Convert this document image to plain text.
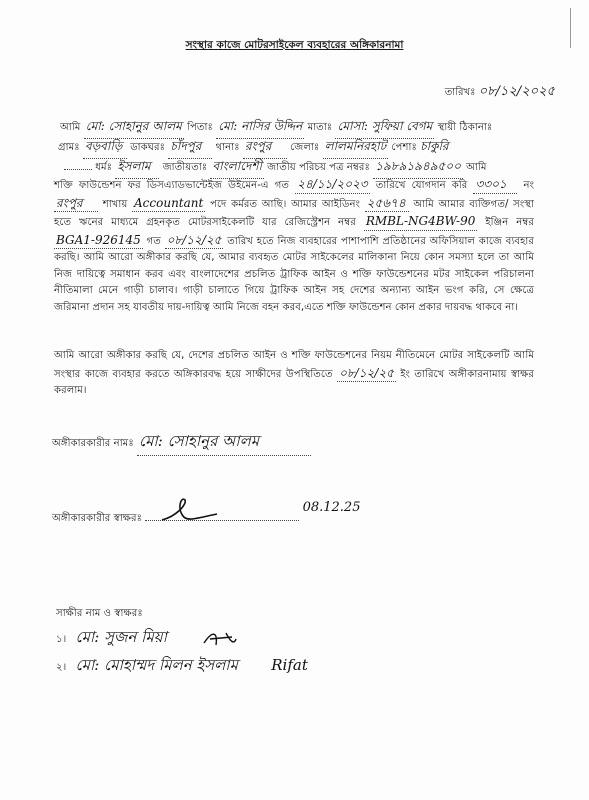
সংস্থার কাজে মোটরসাইকেল ব্যবহারের অঙ্গিকারনামা
তারিখঃ ০৮/১২/২০২৫
আমি মো: সোহানুর আলম পিতাঃ মো: নাসির উদ্দিন মাতাঃ মোসা: সুফিয়া বেগম স্থায়ী ঠিকানাঃ
গ্রামঃ বড়বাড়ি ডাকঘরঃ চাঁদপুর থানাঃ রংপুর জেলাঃ লালমনিরহাট পেশাঃ চাকুরি
ধর্মঃ ইসলাম জাতীয়তাঃ বাংলাদেশী জাতীয় পরিচয় পত্র নম্বরঃ ১৯৮৯১৯৪৯৫০০ আমি
শক্তি ফাউন্ডেশন ফর ডিসএ্যাডভান্টেইজ উইমেন-এ গত ২৪/১১/২০২৩ তারিখে যোগদান করি ৩৩০১ নং রংপুর শাখায় Accountant পদে কর্মরত আছি। আমার আইডিনং ২৫৬৭৪ আমি আমার ব্যক্তিগত/ সংস্থা হতে ঋনের মাধ্যমে গ্রহনকৃত মোটরসাইকেলটি যার রেজিস্ট্রেশন নম্বর RMBL-NG4BW-90 ইঞ্জিন নম্বর BGA1-926145 গত ০৮/১২/২৫ তারিখ হতে নিজ ব্যবহারের পাশাপাশি প্রতিষ্ঠানের অফিসিয়াল কাজে ব্যবহার করছি। আমি আরো অঙ্গীকার করছি যে, আমার ব্যবহৃত মোটর সাইকেলের মালিকানা নিয়ে কোন সমস্যা হলে তা আমি নিজ দায়িত্বে সমাধান করব এবং বাংলাদেশের প্রচলিত ট্রাফিক আইন ও শক্তি ফাউন্ডেশনের মটর সাইকেল পরিচালনা নীতিমালা মেনে গাড়ী চালাব। গাড়ী চালাতে গিয়ে ট্রাফিক আইন সহ দেশের অন্যান্য আইন ভংগ করি, সে ক্ষেত্রে জরিমানা প্রদান সহ যাবতীয় দায়-দায়িত্ব আমি নিজে বহন করব,এতে শক্তি ফাউন্ডেশন কোন প্রকার দায়বদ্ধ থাকবে না।
আমি আরো অঙ্গীকার করছি যে, দেশের প্রচলিত আইন ও শক্তি ফাউন্ডেশনের নিয়ম নীতিমেনে মোটর সাইকেলটি আমি সংস্থার কাজে ব্যবহার করতে অঙ্গিকারবদ্ধ হয়ে সাক্ষীদের উপস্থিতিতে ০৮/১২/২৫ ইং তারিখে অঙ্গীকারনামায় স্বাক্ষর করলাম।
অঙ্গীকারকারীর নামঃ মো: সোহানুর আলম
অঙ্গীকারকারীর স্বাক্ষরঃ
08.12.25
সাক্ষীর নাম ও স্বাক্ষরঃ
১। মো: সুজন মিয়া
২। মো: মোহাম্মদ মিলন ইসলাম Rifat
